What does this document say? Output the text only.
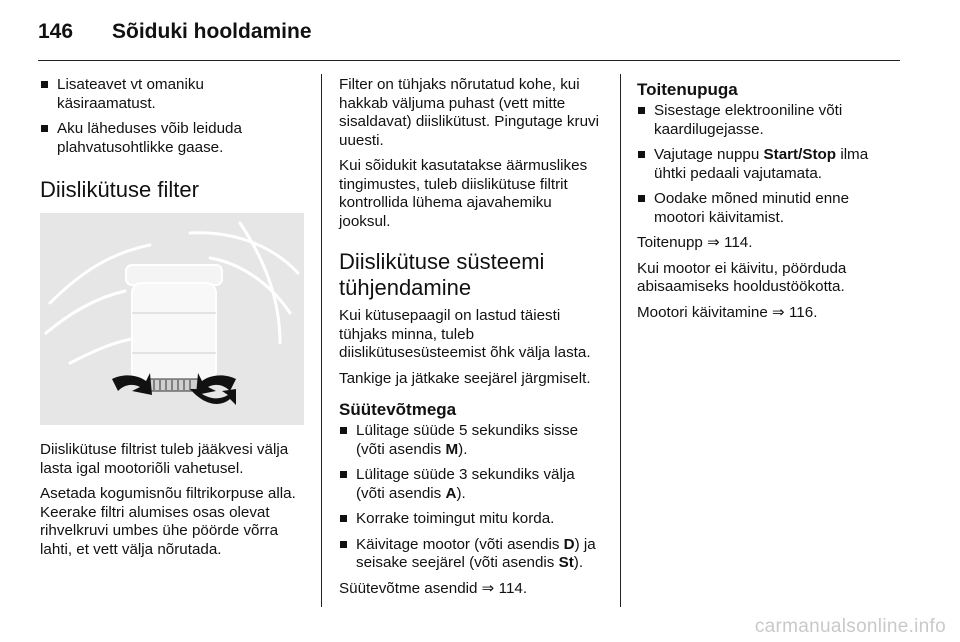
146	Sõiduki hooldamine
Lisateavet vt omaniku käsiraamatust.
Aku läheduses võib leiduda plahvatusohtlikke gaase.
Diislikütuse filter

Diislikütuse filtrist tuleb jääkvesi välja lasta igal mootoriõli vahetusel.

Asetada kogumisnõu filtrikorpuse alla. Keerake filtri alumises osas olevat rihvelkruvi umbes ühe pöörde võrra lahti, et vett välja nõrutada.

Filter on tühjaks nõrutatud kohe, kui hakkab väljuma puhast (vett mitte sisaldavat) diislikütust. Pingutage kruvi uuesti.

Kui sõidukit kasutatakse äärmuslikes tingimustes, tuleb diislikütuse filtrit kontrollida lühema ajavahemiku jooksul.

Diislikütuse süsteemi tühjendamine

Kui kütusepaagil on lastud täiesti tühjaks minna, tuleb diislikütusesüsteemist õhk välja lasta.

Tankige ja jätkake seejärel järgmiselt.

Süütevõtmega
Lülitage süüde 5 sekundiks sisse (võti asendis M).
Lülitage süüde 3 sekundiks välja (võti asendis A).
Korrake toimingut mitu korda.
Käivitage mootor (võti asendis D) ja seisake seejärel (võti asendis St).

Süütevõtme asendid ⇒ 114.

Toitenupuga
Sisestage elektrooniline võti kaardilugejasse.
Vajutage nuppu Start/Stop ilma ühtki pedaali vajutamata.
Oodake mõned minutid enne mootori käivitamist.

Toitenupp ⇒ 114.

Kui mootor ei käivitu, pöörduda abisaamiseks hooldustöökotta.

Mootori käivitamine ⇒ 116.

carmanualsonline.info
